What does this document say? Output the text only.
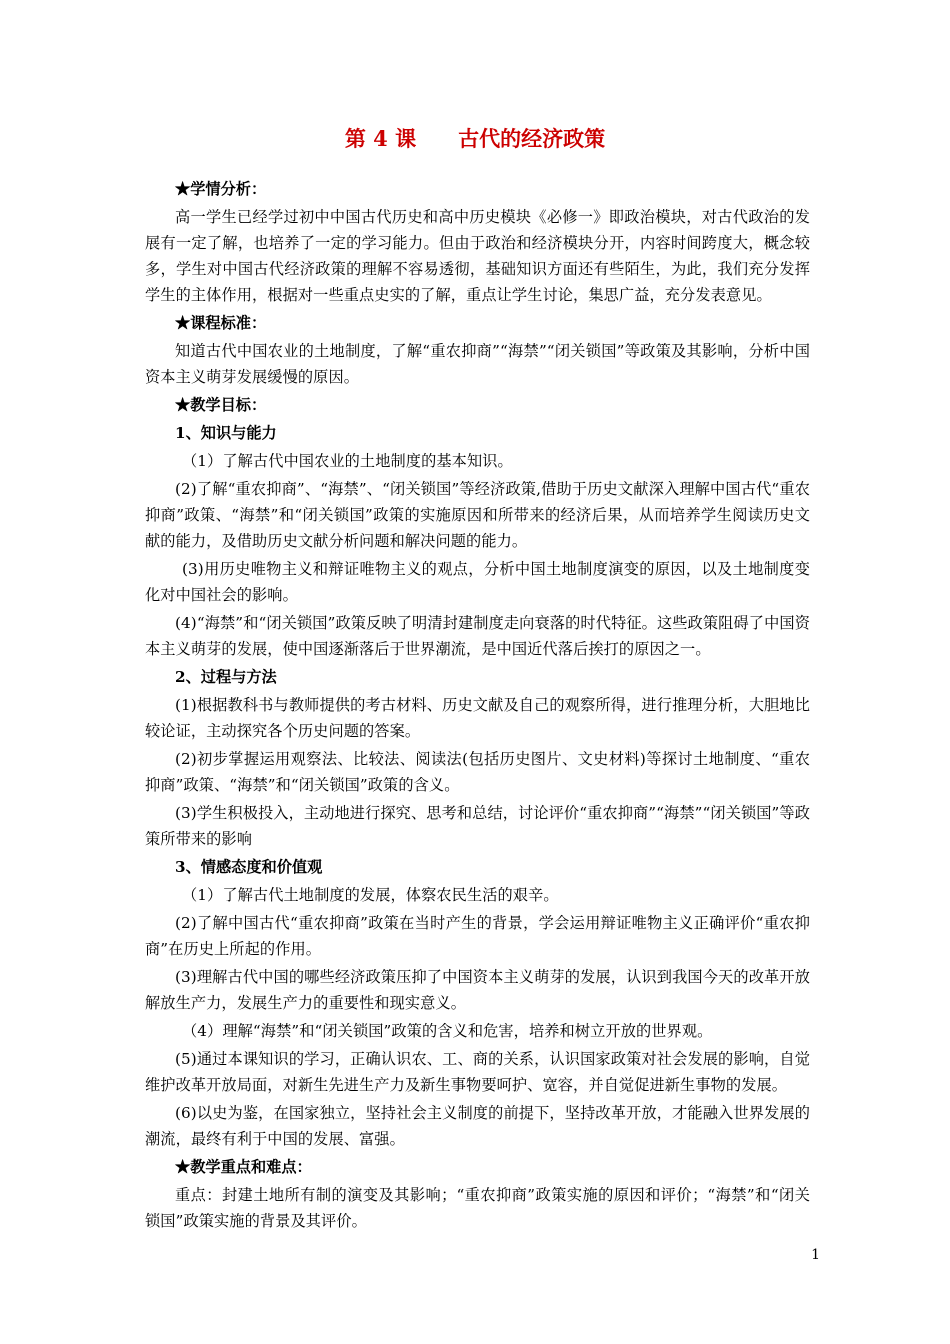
第 4 课　　古代的经济政策
★学情分析：
高一学生已经学过初中中国古代历史和高中历史模块《必修一》即政治模块，对古代政治的发展有一定了解，也培养了一定的学习能力。但由于政治和经济模块分开，内容时间跨度大，概念较多，学生对中国古代经济政策的理解不容易透彻，基础知识方面还有些陌生，为此，我们充分发挥学生的主体作用，根据对一些重点史实的了解，重点让学生讨论，集思广益，充分发表意见。
★课程标准：
知道古代中国农业的土地制度，了解“重农抑商”“海禁”“闭关锁国”等政策及其影响，分析中国资本主义萌芽发展缓慢的原因。
★教学目标：
1、知识与能力
（1）了解古代中国农业的土地制度的基本知识。
(2)了解“重农抑商”、“海禁”、“闭关锁国”等经济政策,借助于历史文献深入理解中国古代“重农抑商”政策、“海禁”和“闭关锁国”政策的实施原因和所带来的经济后果，从而培养学生阅读历史文献的能力，及借助历史文献分析问题和解决问题的能力。
(3)用历史唯物主义和辩证唯物主义的观点，分析中国土地制度演变的原因，以及土地制度变化对中国社会的影响。
(4)“海禁”和“闭关锁国”政策反映了明清封建制度走向衰落的时代特征。这些政策阻碍了中国资本主义萌芽的发展，使中国逐渐落后于世界潮流，是中国近代落后挨打的原因之一。
2、过程与方法
(1)根据教科书与教师提供的考古材料、历史文献及自己的观察所得，进行推理分析，大胆地比较论证，主动探究各个历史问题的答案。
(2)初步掌握运用观察法、比较法、阅读法(包括历史图片、文史材料)等探讨土地制度、“重农抑商”政策、“海禁”和“闭关锁国”政策的含义。
(3)学生积极投入，主动地进行探究、思考和总结，讨论评价“重农抑商”“海禁”“闭关锁国”等政策所带来的影响
3、情感态度和价值观
（1）了解古代土地制度的发展，体察农民生活的艰辛。
(2)了解中国古代“重农抑商”政策在当时产生的背景，学会运用辩证唯物主义正确评价“重农抑商”在历史上所起的作用。
(3)理解古代中国的哪些经济政策压抑了中国资本主义萌芽的发展，认识到我国今天的改革开放解放生产力，发展生产力的重要性和现实意义。
（4）理解“海禁”和“闭关锁国”政策的含义和危害，培养和树立开放的世界观。
(5)通过本课知识的学习，正确认识农、工、商的关系，认识国家政策对社会发展的影响，自觉维护改革开放局面，对新生先进生产力及新生事物要呵护、宽容，并自觉促进新生事物的发展。
(6)以史为鉴，在国家独立，坚持社会主义制度的前提下，坚持改革开放，才能融入世界发展的潮流，最终有利于中国的发展、富强。
★教学重点和难点：
重点：封建土地所有制的演变及其影响；“重农抑商”政策实施的原因和评价；“海禁”和“闭关锁国”政策实施的背景及其评价。
1
